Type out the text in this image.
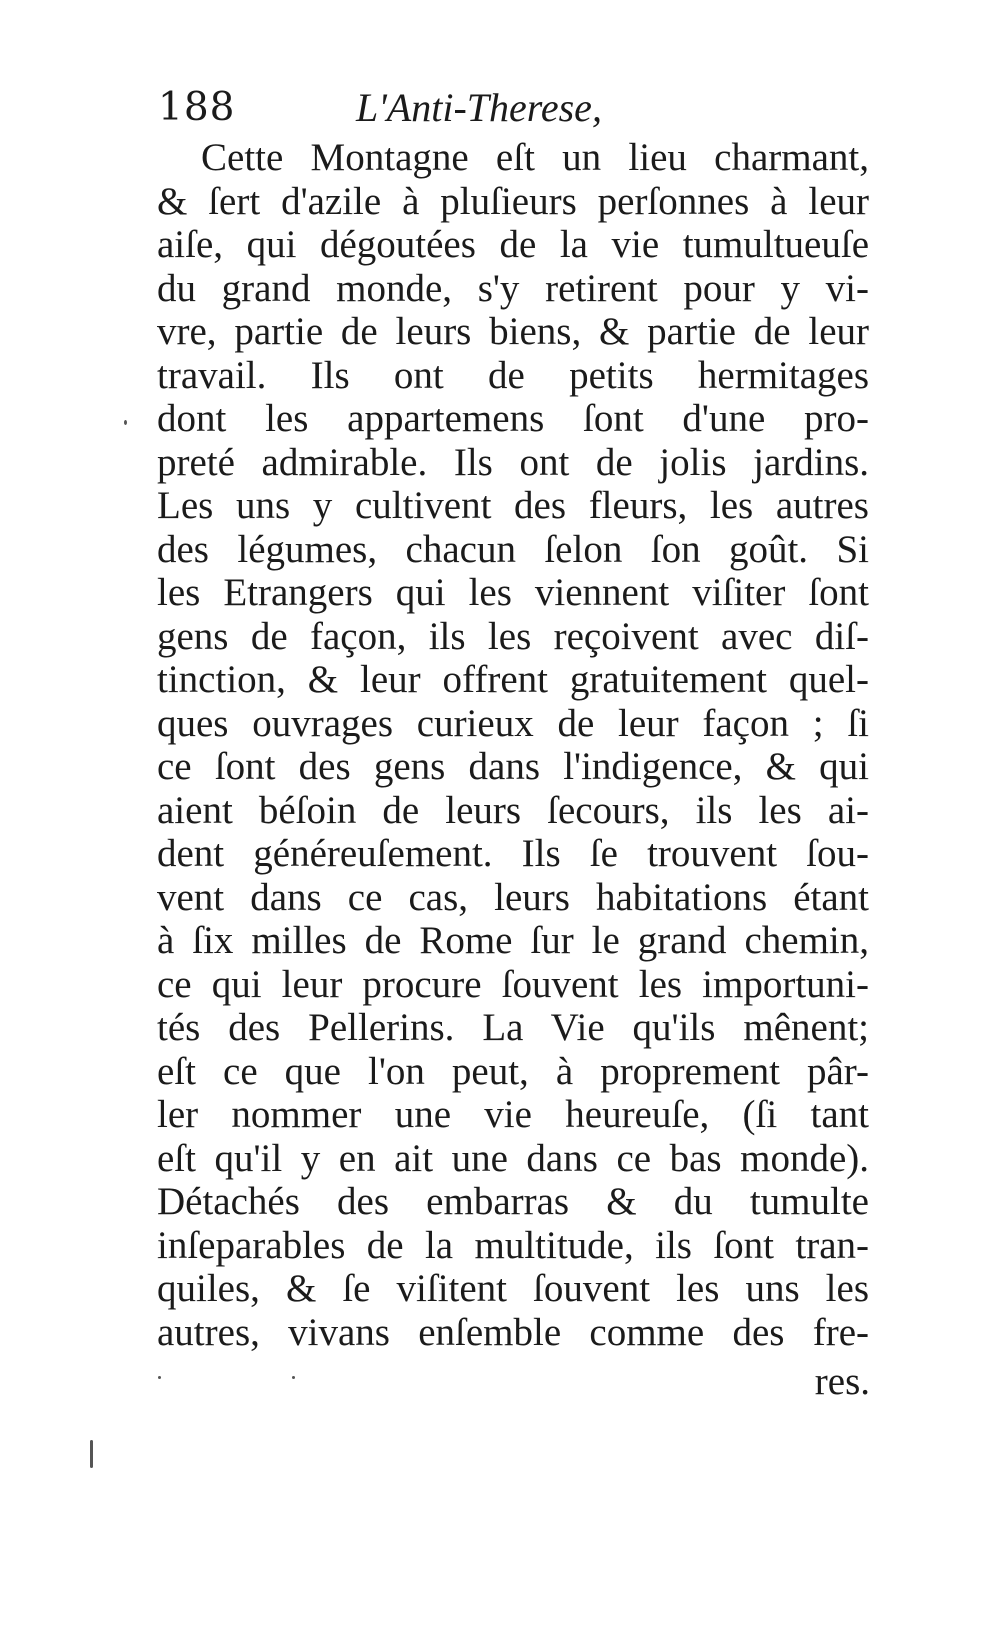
188	L'Anti-Therese,
Cette Montagne eſt un lieu charmant,
& ſert d'azile à pluſieurs perſonnes à leur
aiſe, qui dégoutées de la vie tumultueuſe
du grand monde, s'y retirent pour y vi-
vre, partie de leurs biens, & partie de leur
travail. Ils ont de petits hermitages
dont les appartemens ſont d'une pro-
preté admirable. Ils ont de jolis jardins.
Les uns y cultivent des fleurs, les autres
des légumes, chacun ſelon ſon goût. Si
les Etrangers qui les viennent viſiter ſont
gens de façon, ils les reçoivent avec diſ-
tinction, & leur offrent gratuitement quel-
ques ouvrages curieux de leur façon ; ſi
ce ſont des gens dans l'indigence, & qui
aient béſoin de leurs ſecours, ils les ai-
dent généreuſement. Ils ſe trouvent ſou-
vent dans ce cas, leurs habitations étant
à ſix milles de Rome ſur le grand chemin,
ce qui leur procure ſouvent les importuni-
tés des Pellerins. La Vie qu'ils mênent;
eſt ce que l'on peut, à proprement pâr-
ler nommer une vie heureuſe, (ſi tant
eſt qu'il y en ait une dans ce bas monde).
Détachés des embarras & du tumulte
inſeparables de la multitude, ils ſont tran-
quiles, & ſe viſitent ſouvent les uns les
autres, vivans enſemble comme des fre-
res.
